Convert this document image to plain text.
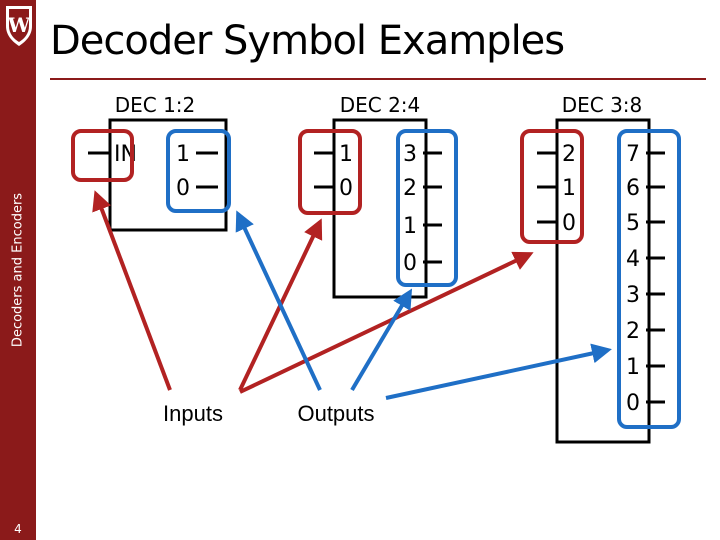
W
Decoders and Encoders
4
Decoder Symbol Examples
DEC 1:2
IN 1
0
DEC 2:4
1
0
3
2
1
0
DEC 3:8
2
1
0
7
6
5
4
3
2
1
0
Inputs	Outputs
